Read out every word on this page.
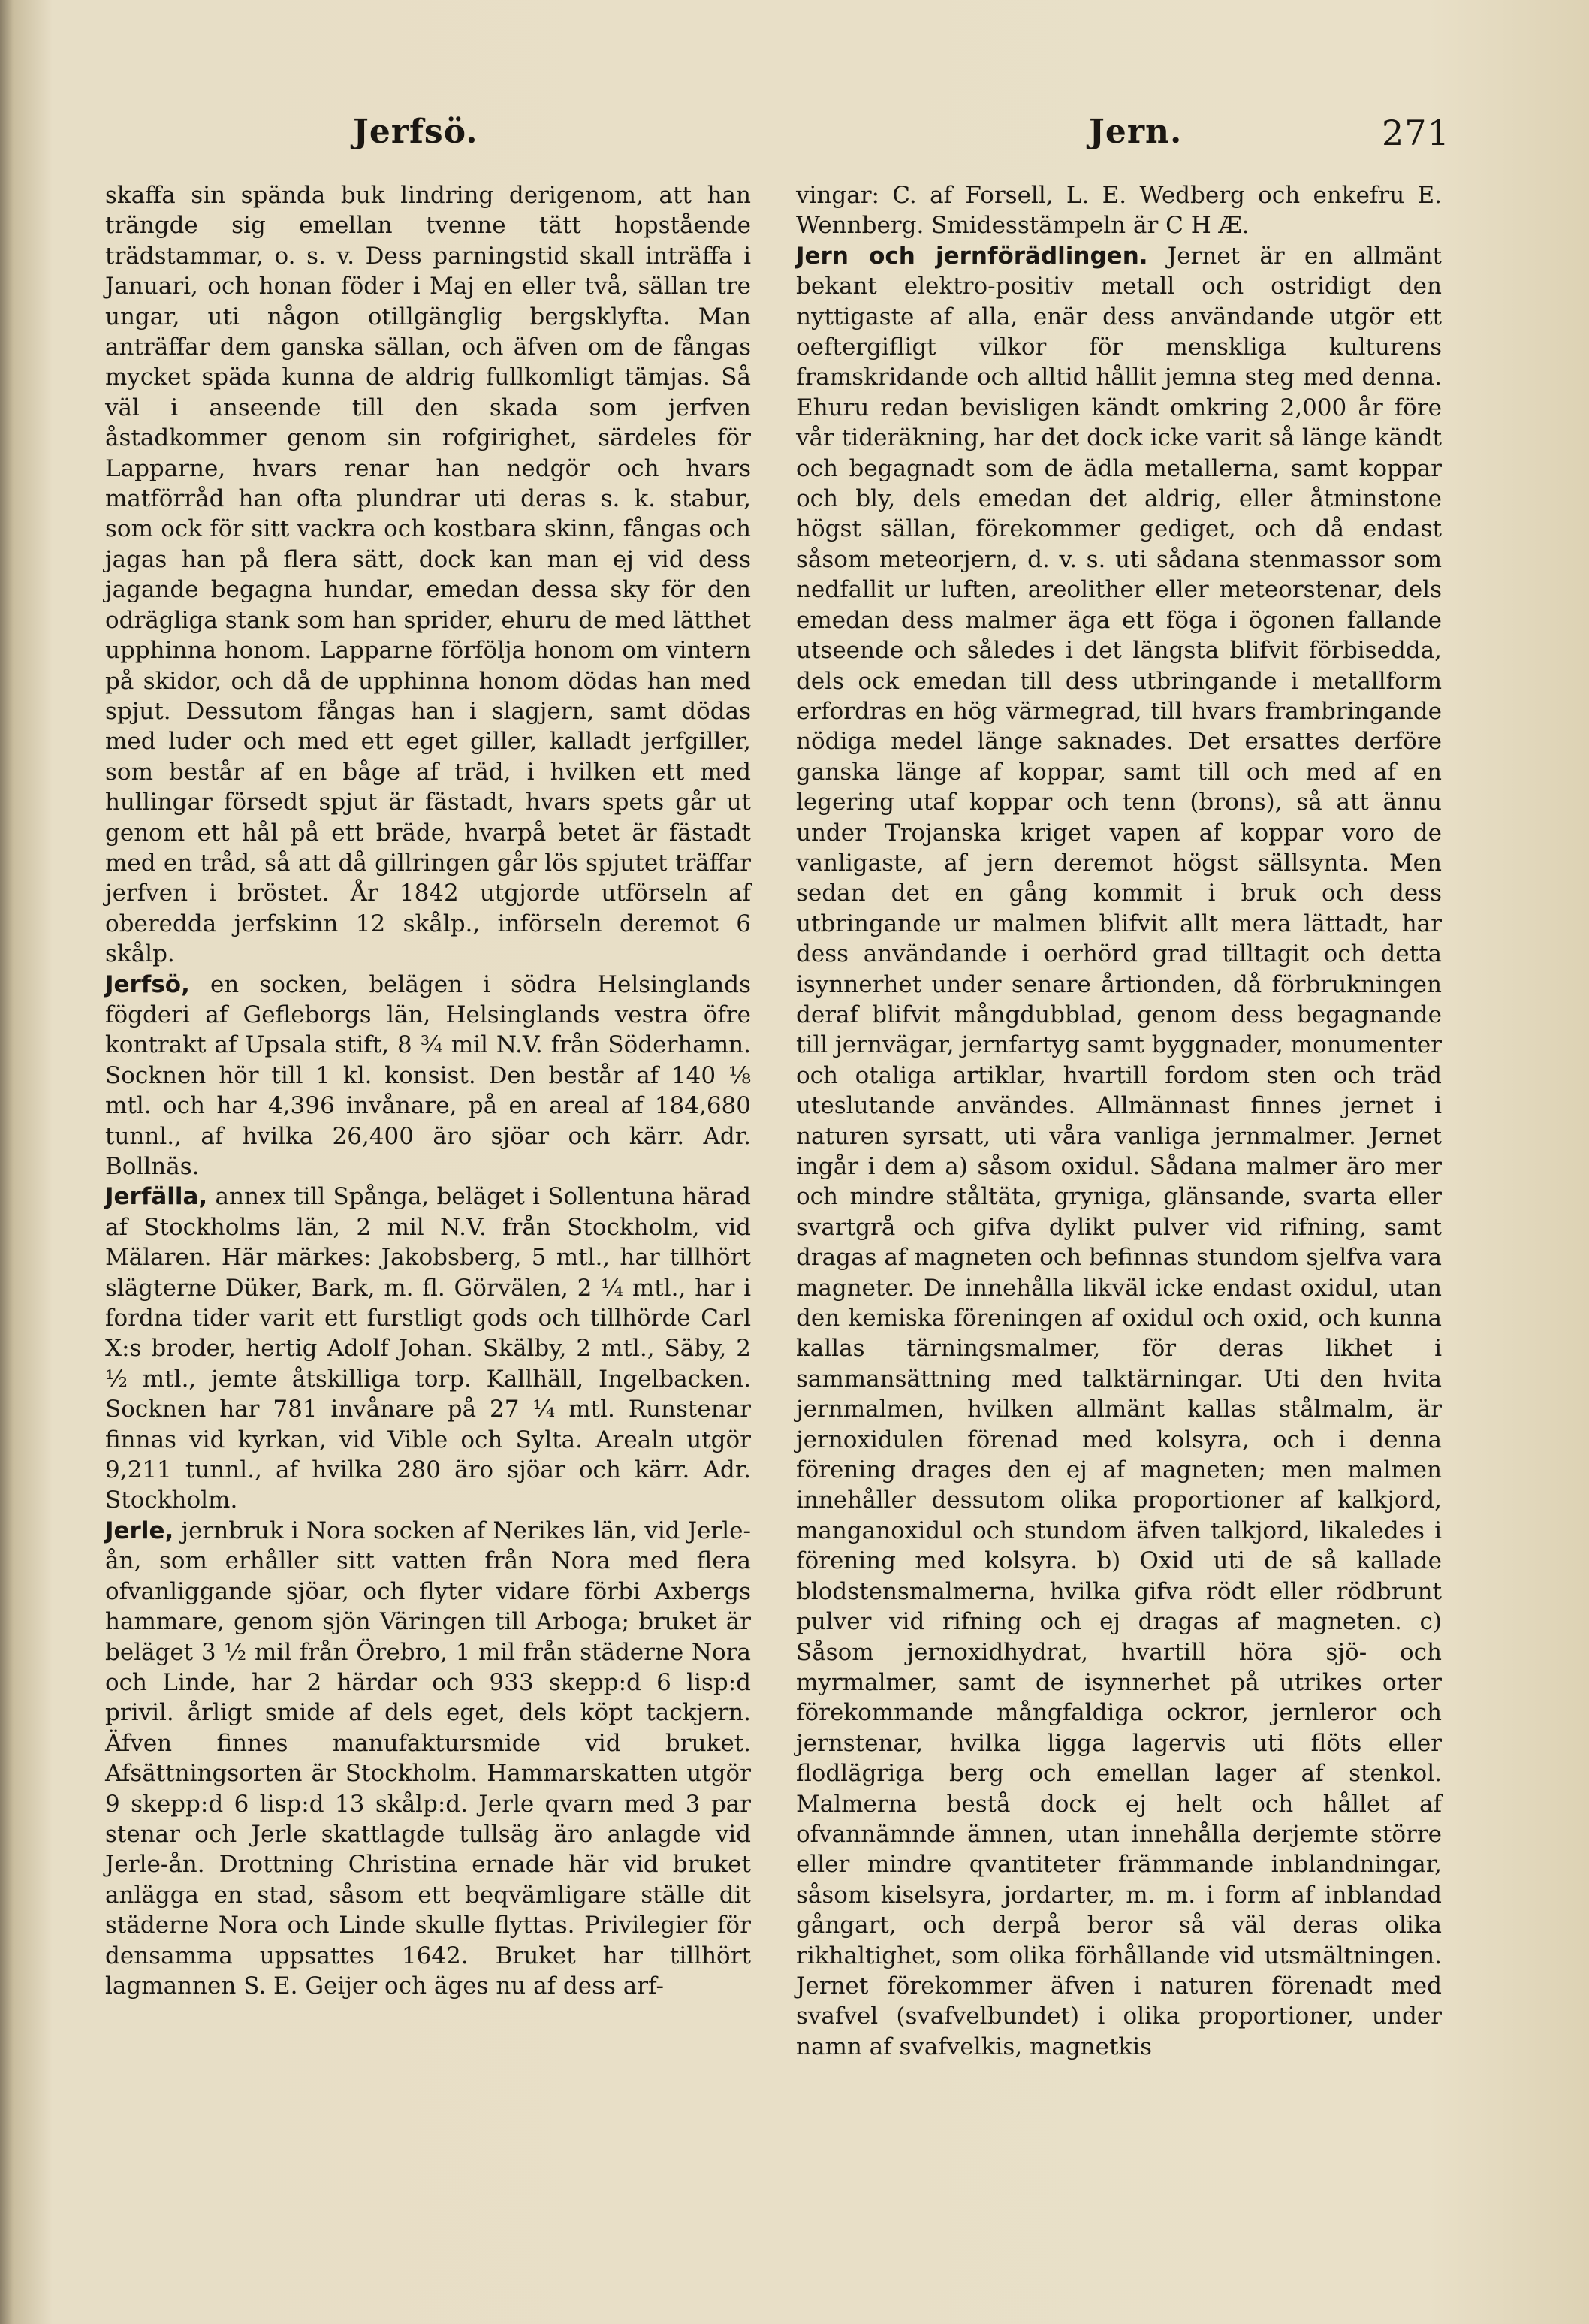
Jerfsö.	Jern.	271

skaffa sin spända buk lindring derigenom, att han trängde sig emellan tvenne tätt hopstående trädstammar, o. s. v. Dess parningstid skall inträffa i Januari, och honan föder i Maj en eller två, sällan tre ungar, uti någon otillgänglig bergsklyfta. Man anträffar dem ganska sällan, och äfven om de fångas mycket späda kunna de aldrig fullkomligt tämjas. Så väl i anseende till den skada som jerfven åstadkommer genom sin rofgirighet, särdeles för Lapparne, hvars renar han nedgör och hvars matförråd han ofta plundrar uti deras s. k. stabur, som ock för sitt vackra och kostbara skinn, fångas och jagas han på flera sätt, dock kan man ej vid dess jagande begagna hundar, emedan dessa sky för den odrägliga stank som han sprider, ehuru de med lätthet upphinna honom. Lapparne förfölja honom om vintern på skidor, och då de upphinna honom dödas han med spjut. Dessutom fångas han i slagjern, samt dödas med luder och med ett eget giller, kalladt jerfgiller, som består af en båge af träd, i hvilken ett med hullingar försedt spjut är fästadt, hvars spets går ut genom ett hål på ett bräde, hvarpå betet är fästadt med en tråd, så att då gillringen går lös spjutet träffar jerfven i bröstet. År 1842 utgjorde utförseln af oberedda jerfskinn 12 skålp., införseln deremot 6 skålp.

Jerfsö, en socken, belägen i södra Helsinglands fögderi af Gefleborgs län, Helsinglands vestra öfre kontrakt af Upsala stift, 8 ¾ mil N.V. från Söderhamn. Socknen hör till 1 kl. konsist. Den består af 140 ⅛ mtl. och har 4,396 invånare, på en areal af 184,680 tunnl., af hvilka 26,400 äro sjöar och kärr. Adr. Bollnäs.

Jerfälla, annex till Spånga, beläget i Sollentuna härad af Stockholms län, 2 mil N.V. från Stockholm, vid Mälaren. Här märkes: Jakobsberg, 5 mtl., har tillhört slägterne Düker, Bark, m. fl. Görvälen, 2 ¼ mtl., har i fordna tider varit ett furstligt gods och tillhörde Carl X:s broder, hertig Adolf Johan. Skälby, 2 mtl., Säby, 2 ½ mtl., jemte åtskilliga torp. Kallhäll, Ingelbacken. Socknen har 781 invånare på 27 ¼ mtl. Runstenar finnas vid kyrkan, vid Vible och Sylta. Arealn utgör 9,211 tunnl., af hvilka 280 äro sjöar och kärr. Adr. Stockholm.

Jerle, jernbruk i Nora socken af Nerikes län, vid Jerle-ån, som erhåller sitt vatten från Nora med flera ofvanliggande sjöar, och flyter vidare förbi Axbergs hammare, genom sjön Väringen till Arboga; bruket är beläget 3 ½ mil från Örebro, 1 mil från städerne Nora och Linde, har 2 härdar och 933 skepp:d 6 lisp:d privil. årligt smide af dels eget, dels köpt tackjern. Äfven finnes manufaktursmide vid bruket. Afsättningsorten är Stockholm. Hammarskatten utgör 9 skepp:d 6 lisp:d 13 skålp:d. Jerle qvarn med 3 par stenar och Jerle skattlagde tullsäg äro anlagde vid Jerle-ån. Drottning Christina ernade här vid bruket anlägga en stad, såsom ett beqvämligare ställe dit städerne Nora och Linde skulle flyttas. Privilegier för densamma uppsattes 1642. Bruket har tillhört lagmannen S. E. Geijer och äges nu af dess arf-

vingar: C. af Forsell, L. E. Wedberg och enkefru E. Wennberg. Smidesstämpeln är C H Æ.

Jern och jernförädlingen. Jernet är en allmänt bekant elektro-positiv metall och ostridigt den nyttigaste af alla, enär dess användande utgör ett oeftergifligt vilkor för menskliga kulturens framskridande och alltid hållit jemna steg med denna. Ehuru redan bevisligen kändt omkring 2,000 år före vår tideräkning, har det dock icke varit så länge kändt och begagnadt som de ädla metallerna, samt koppar och bly, dels emedan det aldrig, eller åtminstone högst sällan, förekommer gediget, och då endast såsom meteorjern, d. v. s. uti sådana stenmassor som nedfallit ur luften, areolither eller meteorstenar, dels emedan dess malmer äga ett föga i ögonen fallande utseende och således i det längsta blifvit förbisedda, dels ock emedan till dess utbringande i metallform erfordras en hög värmegrad, till hvars frambringande nödiga medel länge saknades. Det ersattes derföre ganska länge af koppar, samt till och med af en legering utaf koppar och tenn (brons), så att ännu under Trojanska kriget vapen af koppar voro de vanligaste, af jern deremot högst sällsynta. Men sedan det en gång kommit i bruk och dess utbringande ur malmen blifvit allt mera lättadt, har dess användande i oerhörd grad tilltagit och detta isynnerhet under senare årtionden, då förbrukningen deraf blifvit mångdubblad, genom dess begagnande till jernvägar, jernfartyg samt byggnader, monumenter och otaliga artiklar, hvartill fordom sten och träd uteslutande användes. Allmännast finnes jernet i naturen syrsatt, uti våra vanliga jernmalmer. Jernet ingår i dem a) såsom oxidul. Sådana malmer äro mer och mindre ståltäta, grynigа, glänsande, svarta eller svartgrå och gifva dylikt pulver vid rifning, samt dragas af magneten och befinnas stundom sjelfva vara magneter. De innehålla likväl icke endast oxidul, utan den kemiska föreningen af oxidul och oxid, och kunna kallas tärningsmalmer, för deras likhet i sammansättning med talktärningar. Uti den hvita jernmalmen, hvilken allmänt kallas stålmalm, är jernoxidulen förenad med kolsyra, och i denna förening drages den ej af magneten; men malmen innehåller dessutom olika proportioner af kalkjord, manganoxidul och stundom äfven talkjord, likaledes i förening med kolsyra. b) Oxid uti de så kallade blodstensmalmerna, hvilka gifva rödt eller rödbrunt pulver vid rifning och ej dragas af magneten. c) Såsom jernoxidhydrat, hvartill höra sjö- och myrmalmer, samt de isynnerhet på utrikes orter förekommande mångfaldiga ockror, jernleror och jernstenar, hvilka ligga lagervis uti flöts eller flodlägriga berg och emellan lager af stenkol. Malmerna bestå dock ej helt och hållet af ofvannämnde ämnen, utan innehålla derjemte större eller mindre qvantiteter främmande inblandningar, såsom kiselsyra, jordarter, m. m. i form af inblandad gångart, och derpå beror så väl deras olika rikhaltighet, som olika förhållande vid utsmältningen. Jernet förekommer äfven i naturen förenadt med svafvel (svafvelbundet) i olika proportioner, under namn af svafvelkis, magnetkis
